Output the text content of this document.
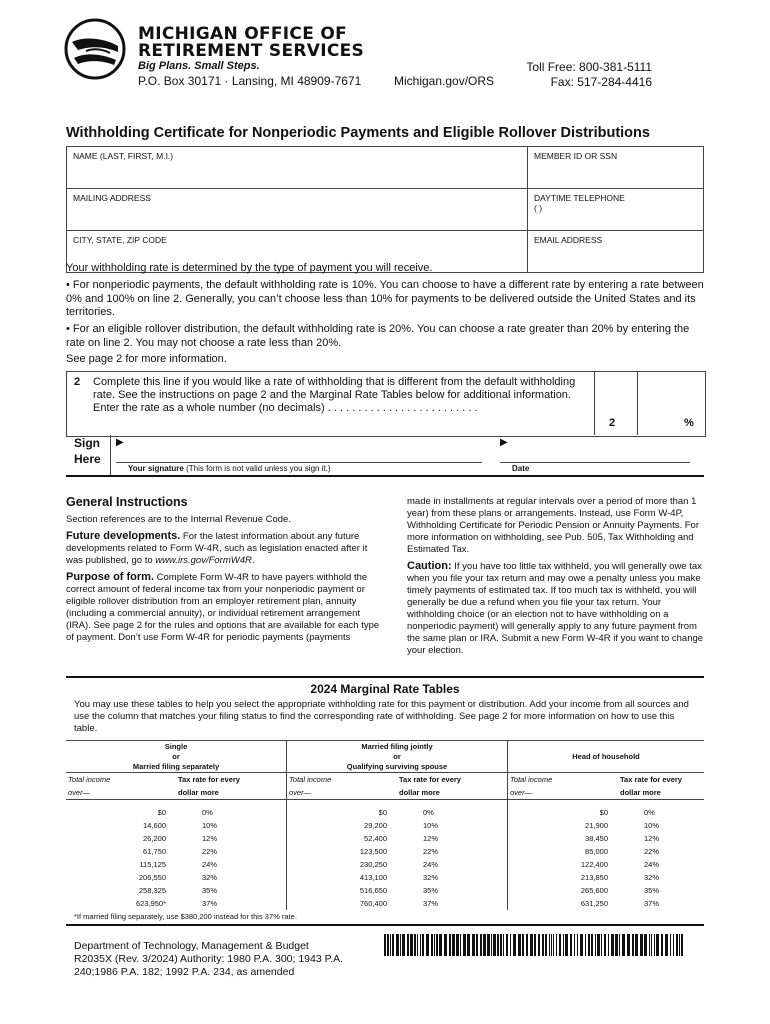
MICHIGAN OFFICE OF
RETIREMENT SERVICES
Big Plans. Small Steps.
P.O. Box 30171 · Lansing, MI 48909-7671	Michigan.gov/ORS
Toll Free: 800-381-5111
Fax: 517-284-4416
Withholding Certificate for Nonperiodic Payments and Eligible Rollover Distributions
NAME (LAST, FIRST, M.I.)	MEMBER ID OR SSN
MAILING ADDRESS	DAYTIME TELEPHONE
( )
CITY, STATE, ZIP CODE	EMAIL ADDRESS
Your withholding rate is determined by the type of payment you will receive.
• For nonperiodic payments, the default withholding rate is 10%. You can choose to have a different rate by entering a rate between 0% and 100% on line 2. Generally, you can’t choose less than 10% for payments to be delivered outside the United States and its territories.
• For an eligible rollover distribution, the default withholding rate is 20%. You can choose a rate greater than 20% by entering the rate on line 2. You may not choose a rate less than 20%.
See page 2 for more information.
2 Complete this line if you would like a rate of withholding that is different from the default withholding rate. See the instructions on page 2 and the Marginal Rate Tables below for additional information. Enter the rate as a whole number (no decimals) . . . . . . . . . . . . . . . . . . . . . . . . .
2	%
Sign
Here
▶
Your signature (This form is not valid unless you sign it.)
▶
Date
General Instructions
Section references are to the Internal Revenue Code.
Future developments. For the latest information about any future developments related to Form W-4R, such as legislation enacted after it was published, go to www.irs.gov/FormW4R.
Purpose of form. Complete Form W-4R to have payers withhold the correct amount of federal income tax from your nonperiodic payment or eligible rollover distribution from an employer retirement plan, annuity (including a commercial annuity), or individual retirement arrangement (IRA). See page 2 for the rules and options that are available for each type of payment. Don’t use Form W-4R for periodic payments (payments
made in installments at regular intervals over a period of more than 1 year) from these plans or arrangements. Instead, use Form W-4P, Withholding Certificate for Periodic Pension or Annuity Payments. For more information on withholding, see Pub. 505, Tax Withholding and Estimated Tax.
Caution: If you have too little tax withheld, you will generally owe tax when you file your tax return and may owe a penalty unless you make timely payments of estimated tax. If too much tax is withheld, you will generally be due a refund when you file your tax return. Your withholding choice (or an election not to have withholding on a nonperiodic payment) will generally apply to any future payment from the same plan or IRA. Submit a new Form W-4R if you want to change your election.
2024 Marginal Rate Tables
You may use these tables to help you select the appropriate withholding rate for this payment or distribution. Add your income from all sources and use the column that matches your filing status to find the corresponding rate of withholding. See page 2 for more information on how to use this table.
Single
or
Married filing separately		Married filing jointly
or
Qualifying surviving spouse		Head of household	
Total income	Tax rate for every	Total income	Tax rate for every	Total income	Tax rate for every
over—	dollar more	over—	dollar more	over—	dollar more
$0	0%	$0	0%	$0	0%
14,600	10%	29,200	10%	21,900	10%
26,200	12%	52,400	12%	38,450	12%
61,750	22%	123,500	22%	85,000	22%
115,125	24%	230,250	24%	122,400	24%
206,550	32%	413,100	32%	213,850	32%
258,325	35%	516,650	35%	265,600	35%
623,950*	37%	760,400	37%	631,250	37%
*If married filing separately, use $380,200 instead for this 37% rate.
Department of Technology, Management & Budget
R2035X (Rev. 3/2024) Authority: 1980 P.A. 300; 1943 P.A. 240;1986 P.A. 182; 1992 P.A. 234, as amended
